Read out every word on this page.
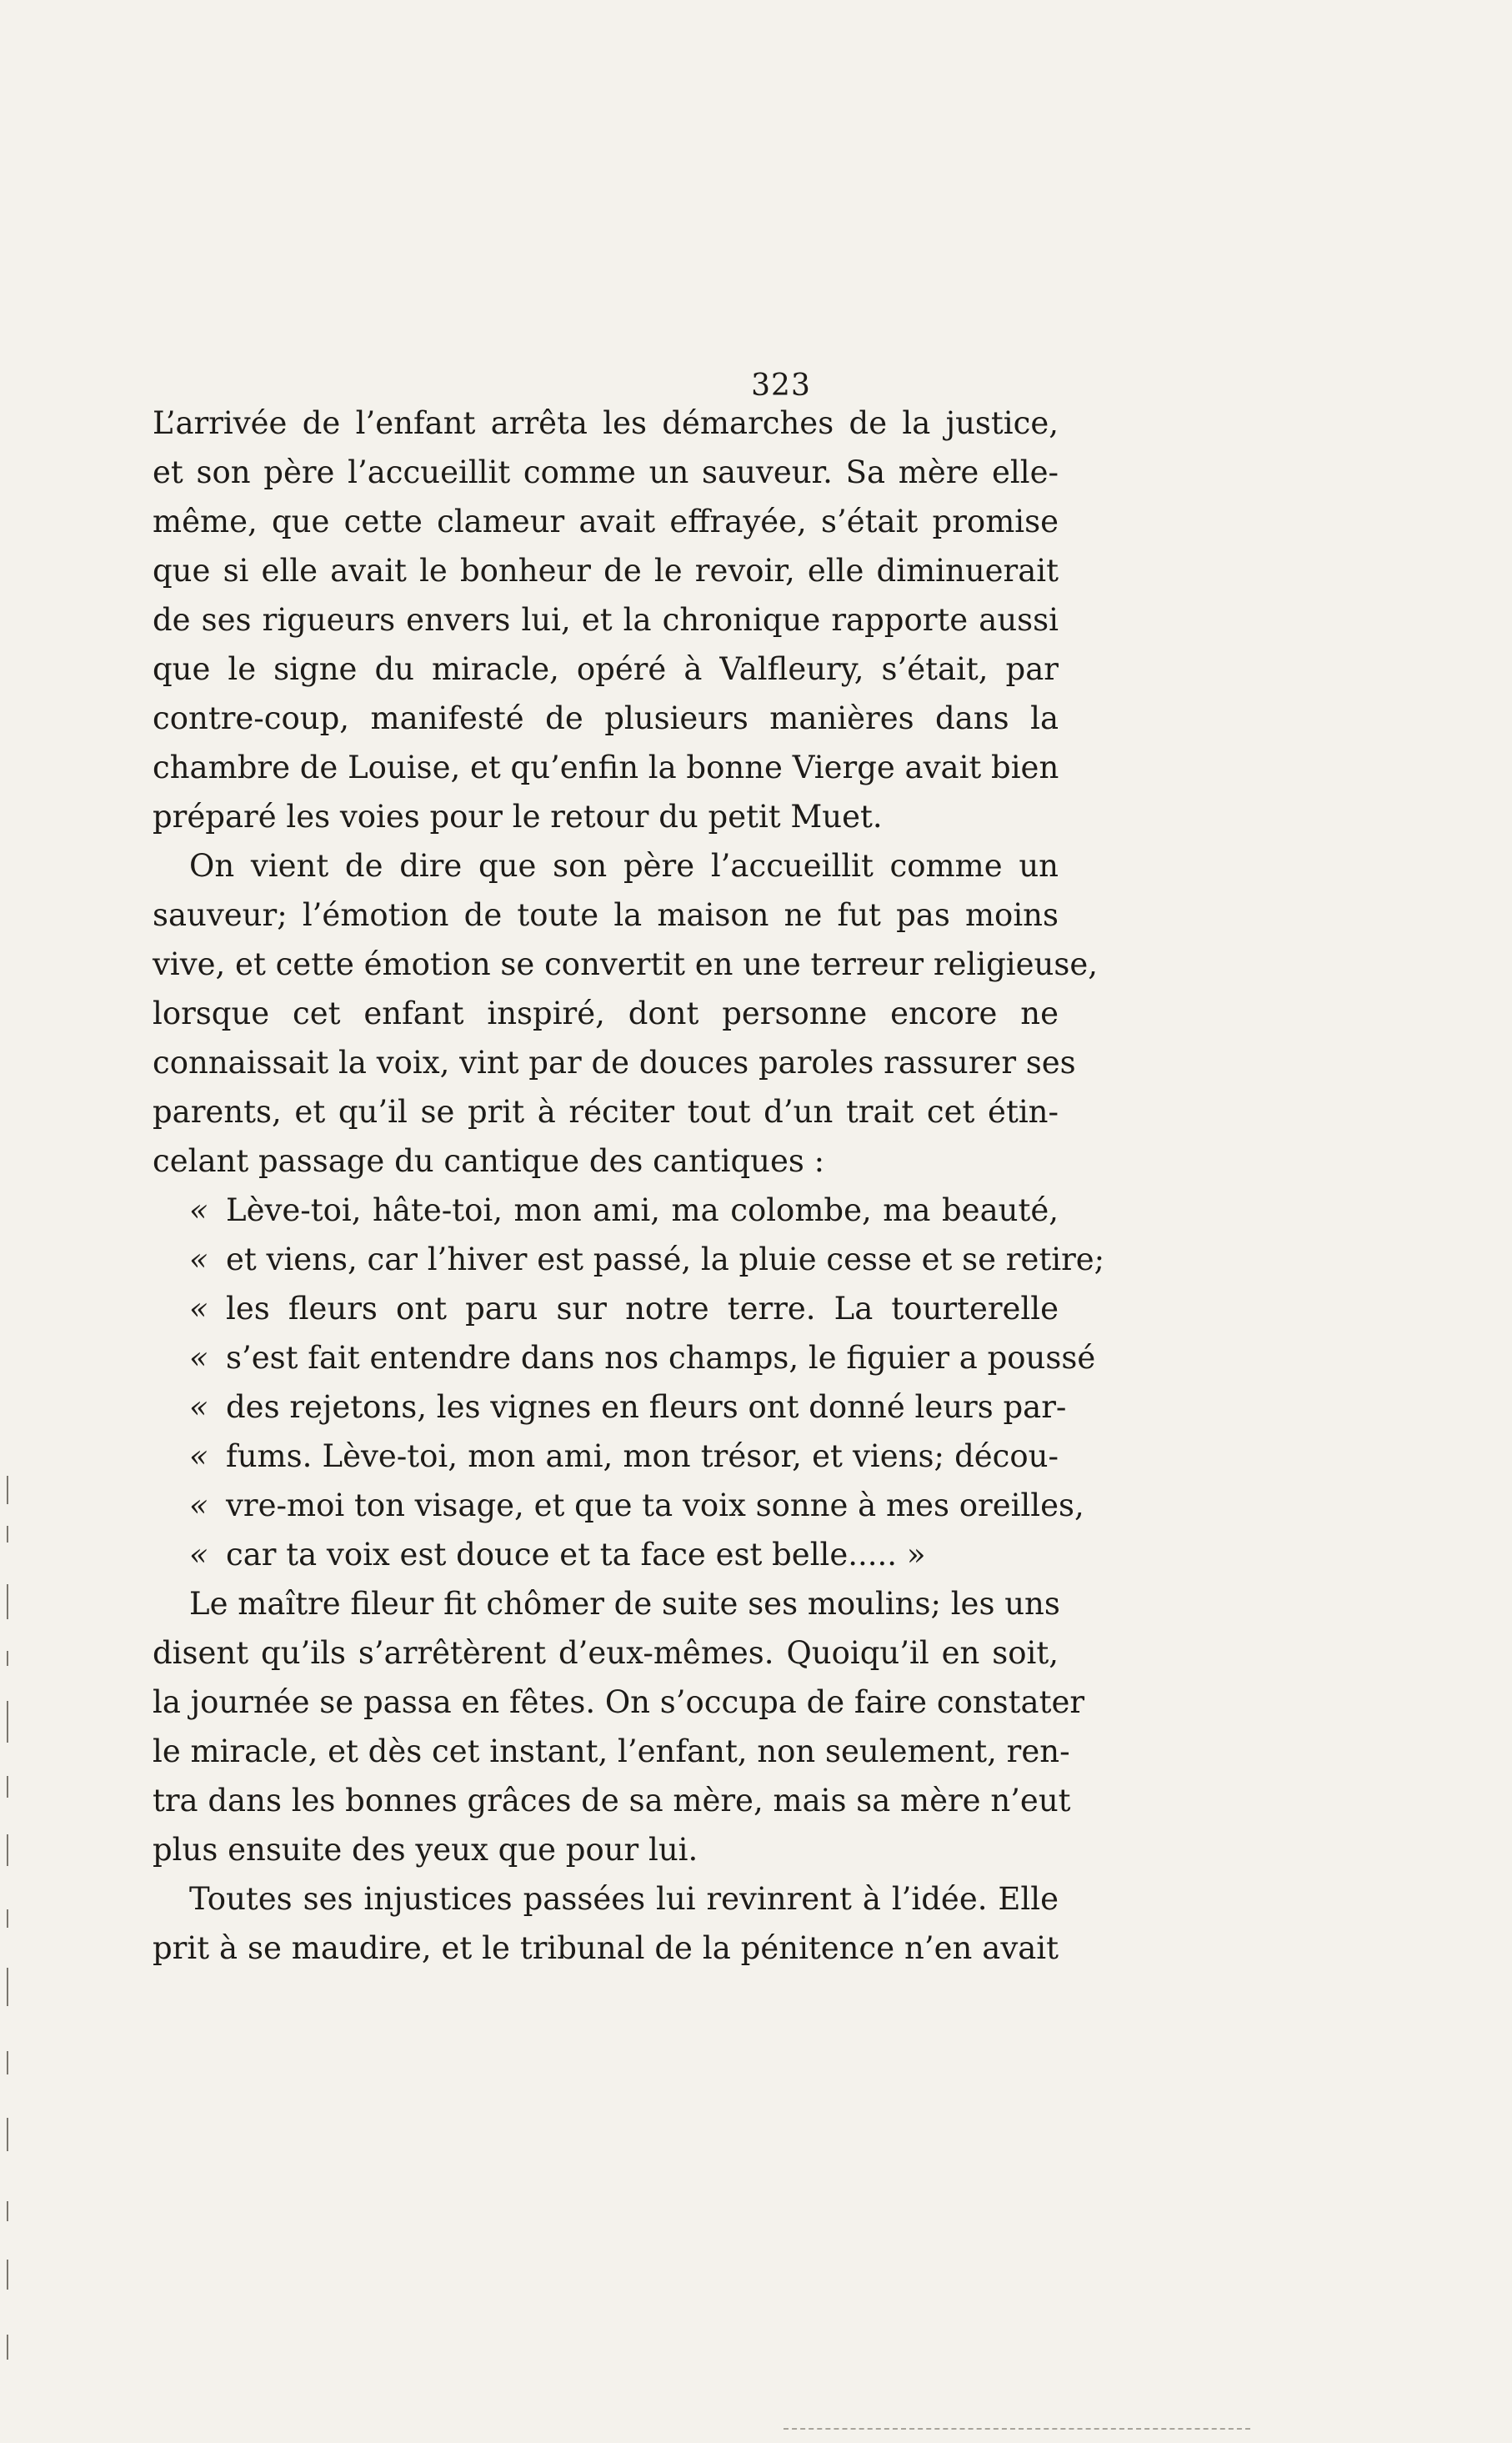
323
L’arrivée de l’enfant arrêta les démarches de la justice,
et son père l’accueillit comme un sauveur. Sa mère elle-
même, que cette clameur avait effrayée, s’était promise
que si elle avait le bonheur de le revoir, elle diminuerait
de ses rigueurs envers lui, et la chronique rapporte aussi
que le signe du miracle, opéré à Valfleury, s’était, par
contre-coup, manifesté de plusieurs manières dans la
chambre de Louise, et qu’enfin la bonne Vierge avait bien
préparé les voies pour le retour du petit Muet.
On vient de dire que son père l’accueillit comme un
sauveur; l’émotion de toute la maison ne fut pas moins
vive, et cette émotion se convertit en une terreur religieuse,
lorsque cet enfant inspiré, dont personne encore ne
connaissait la voix, vint par de douces paroles rassurer ses
parents, et qu’il se prit à réciter tout d’un trait cet étin-
celant passage du cantique des cantiques :
« Lève-toi, hâte-toi, mon ami, ma colombe, ma beauté,
« et viens, car l’hiver est passé, la pluie cesse et se retire;
« les fleurs ont paru sur notre terre. La tourterelle
« s’est fait entendre dans nos champs, le figuier a poussé
« des rejetons, les vignes en fleurs ont donné leurs par-
« fums. Lève-toi, mon ami, mon trésor, et viens; décou-
« vre-moi ton visage, et que ta voix sonne à mes oreilles,
« car ta voix est douce et ta face est belle..... »
Le maître fileur fit chômer de suite ses moulins; les uns
disent qu’ils s’arrêtèrent d’eux-mêmes. Quoiqu’il en soit,
la journée se passa en fêtes. On s’occupa de faire constater
le miracle, et dès cet instant, l’enfant, non seulement, ren-
tra dans les bonnes grâces de sa mère, mais sa mère n’eut
plus ensuite des yeux que pour lui.
Toutes ses injustices passées lui revinrent à l’idée. Elle
prit à se maudire, et le tribunal de la pénitence n’en avait
